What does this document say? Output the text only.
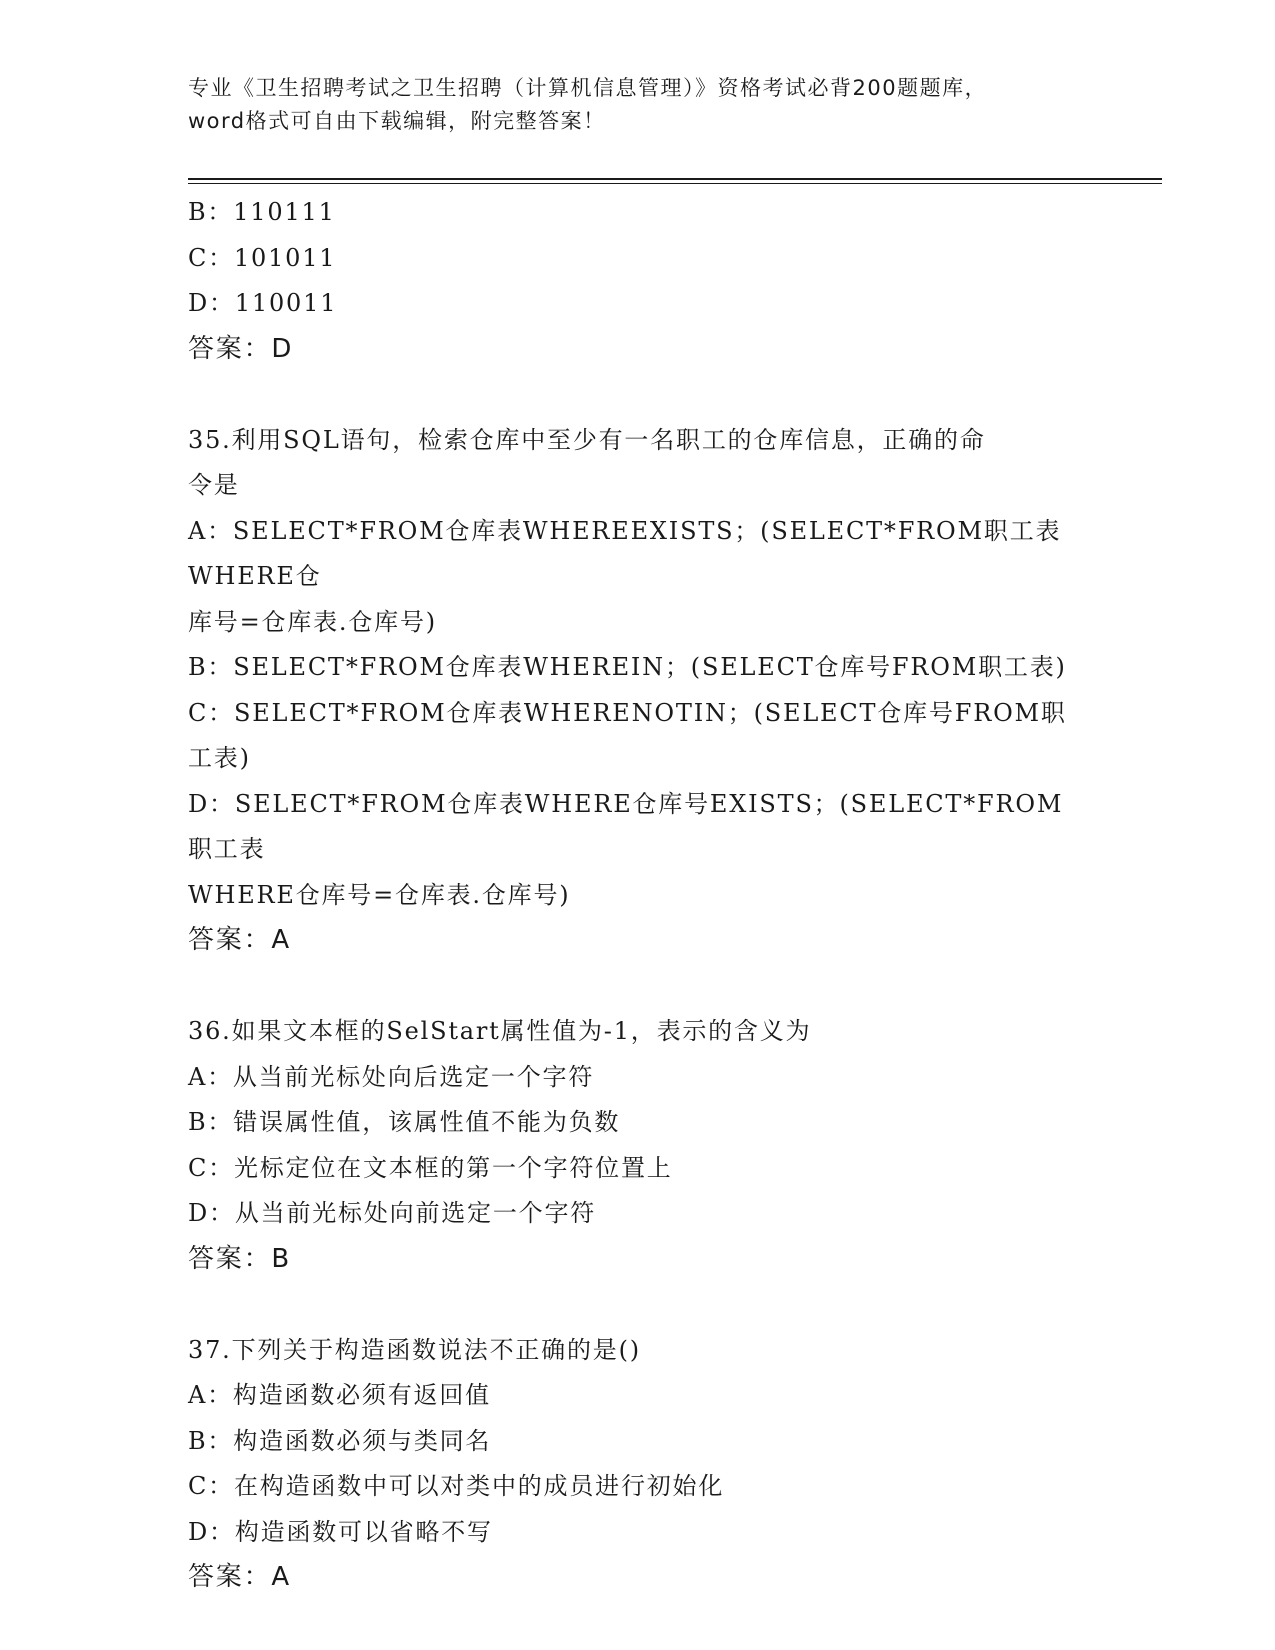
专业《卫生招聘考试之卫生招聘（计算机信息管理）》资格考试必背200题题库，

word格式可自由下载编辑，附完整答案！

B：110111

C：101011

D：110011

答案：D

35.利用SQL语句，检索仓库中至少有一名职工的仓库信息，正确的命

令是

A：SELECT*FROM仓库表WHEREEXISTS；(SELECT*FROM职工表WHERE仓

库号=仓库表.仓库号)

B：SELECT*FROM仓库表WHEREIN；(SELECT仓库号FROM职工表)

C：SELECT*FROM仓库表WHERENOTIN；(SELECT仓库号FROM职工表)

D：SELECT*FROM仓库表WHERE仓库号EXISTS；(SELECT*FROM职工表

WHERE仓库号=仓库表.仓库号)

答案：A

36.如果文本框的SelStart属性值为-1，表示的含义为

A：从当前光标处向后选定一个字符

B：错误属性值，该属性值不能为负数

C：光标定位在文本框的第一个字符位置上

D：从当前光标处向前选定一个字符

答案：B

37.下列关于构造函数说法不正确的是()

A：构造函数必须有返回值

B：构造函数必须与类同名

C：在构造函数中可以对类中的成员进行初始化

D：构造函数可以省略不写

答案：A
